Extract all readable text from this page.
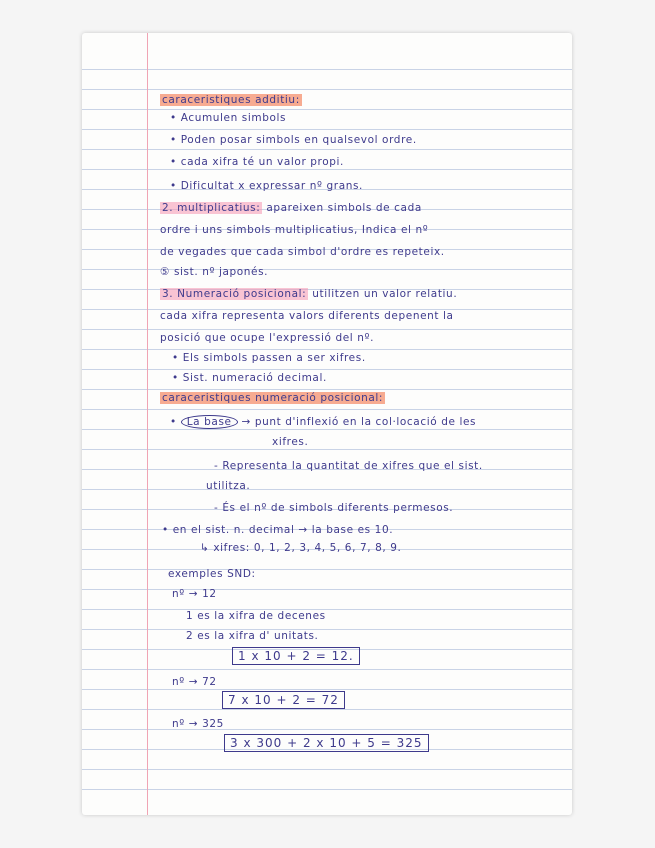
caraceristiques additiu:
• Acumulen simbols
• Poden posar simbols en qualsevol ordre.
• cada xifra té un valor propi.
• Dificultat x expressar nº grans.
2. multiplicatius: apareixen simbols de cada
ordre i uns simbols multiplicatius, Indica el nº
de vegades que cada simbol d'ordre es repeteix.
⑤ sist. nº japonés.
3. Numeració posicional: utilitzen un valor relatiu.
cada xifra representa valors diferents depenent la
posició que ocupe l'expressió del nº.
• Els simbols passen a ser xifres.
• Sist. numeració decimal.
caraceristiques numeració posicional:
• La base → punt d'inflexió en la col·locació de les
xifres.
- Representa la quantitat de xifres que el sist.
utilitza.
- És el nº de simbols diferents permesos.
• en el sist. n. decimal → la base es 10.
↳ xifres: 0, 1, 2, 3, 4, 5, 6, 7, 8, 9.
exemples SND:
nº → 12
1 es la xifra de decenes
2 es la xifra d' unitats.
1 x 10 + 2 = 12.
nº → 72
7 x 10 + 2 = 72
nº → 325
3 x 300 + 2 x 10 + 5 = 325
